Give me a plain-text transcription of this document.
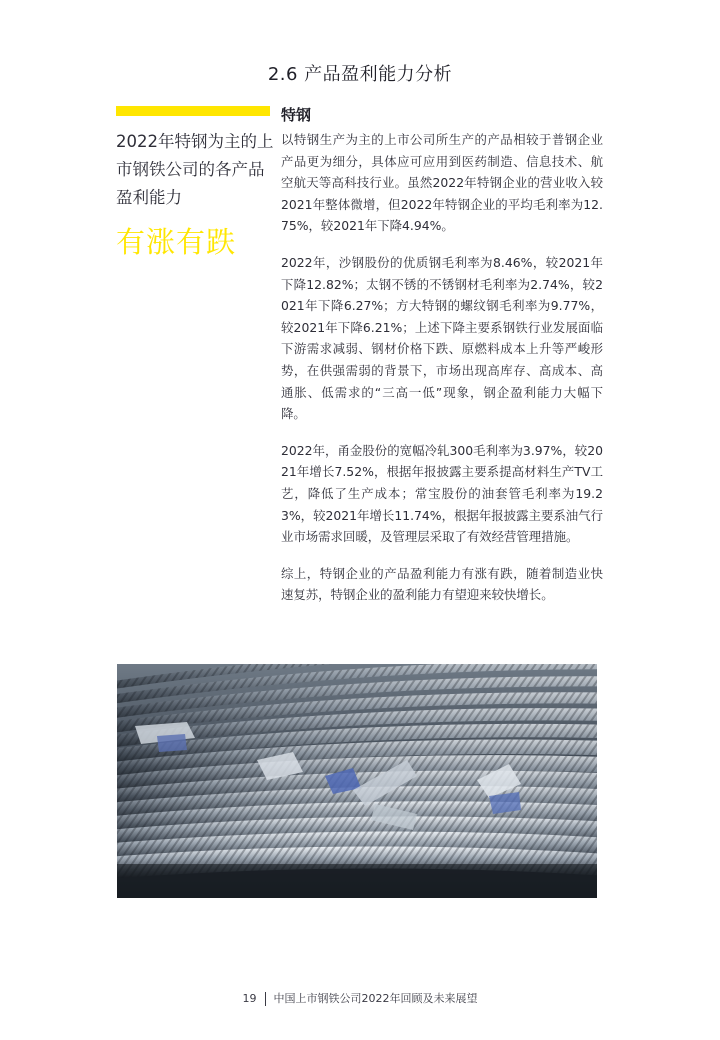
2.6 产品盈利能力分析
2022年特钢为主的上市钢铁公司的各产品盈利能力
有涨有跌
特钢

以特钢生产为主的上市公司所生产的产品相较于普钢企业产品更为细分，具体应可应用到医药制造、信息技术、航空航天等高科技行业。虽然2022年特钢企业的营业收入较2021年整体微增，但2022年特钢企业的平均毛利率为12.75%，较2021年下降4.94%。

2022年，沙钢股份的优质钢毛利率为8.46%，较2021年下降12.82%；太钢不锈的不锈钢材毛利率为2.74%，较2021年下降6.27%；方大特钢的螺纹钢毛利率为9.77%，较2021年下降6.21%；上述下降主要系钢铁行业发展面临下游需求减弱、钢材价格下跌、原燃料成本上升等严峻形势，在供强需弱的背景下，市场出现高库存、高成本、高通胀、低需求的“三高一低”现象，钢企盈利能力大幅下降。

2022年，甬金股份的宽幅冷轧300毛利率为3.97%，较2021年增长7.52%，根据年报披露主要系提高材料生产TV工艺，降低了生产成本；常宝股份的油套管毛利率为19.23%，较2021年增长11.74%，根据年报披露主要系油气行业市场需求回暖，及管理层采取了有效经营管理措施。

综上，特钢企业的产品盈利能力有涨有跌，随着制造业快速复苏，特钢企业的盈利能力有望迎来较快增长。

19 中国上市钢铁公司2022年回顾及未来展望
